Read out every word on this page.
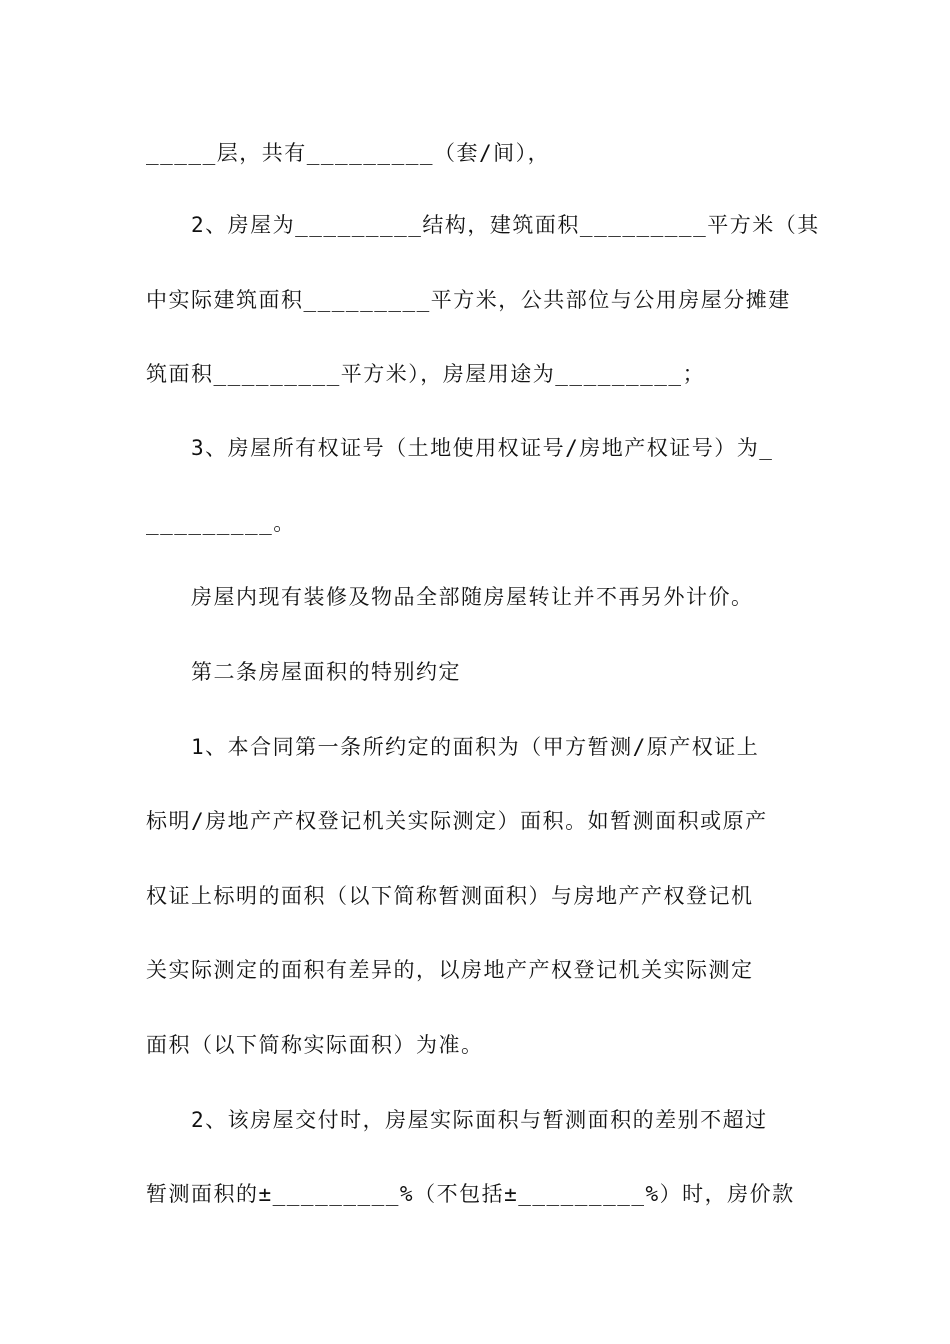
_____层，共有_________（套/间），
2、房屋为_________结构，建筑面积_________平方米（其
中实际建筑面积_________平方米，公共部位与公用房屋分摊建
筑面积_________平方米），房屋用途为_________；
3、房屋所有权证号（土地使用权证号/房地产权证号）为_
_________。
房屋内现有装修及物品全部随房屋转让并不再另外计价。
第二条房屋面积的特别约定
1、本合同第一条所约定的面积为（甲方暂测/原产权证上
标明/房地产产权登记机关实际测定）面积。如暂测面积或原产
权证上标明的面积（以下简称暂测面积）与房地产产权登记机
关实际测定的面积有差异的，以房地产产权登记机关实际测定
面积（以下简称实际面积）为准。
2、该房屋交付时，房屋实际面积与暂测面积的差别不超过
暂测面积的±_________%（不包括±_________%）时，房价款
